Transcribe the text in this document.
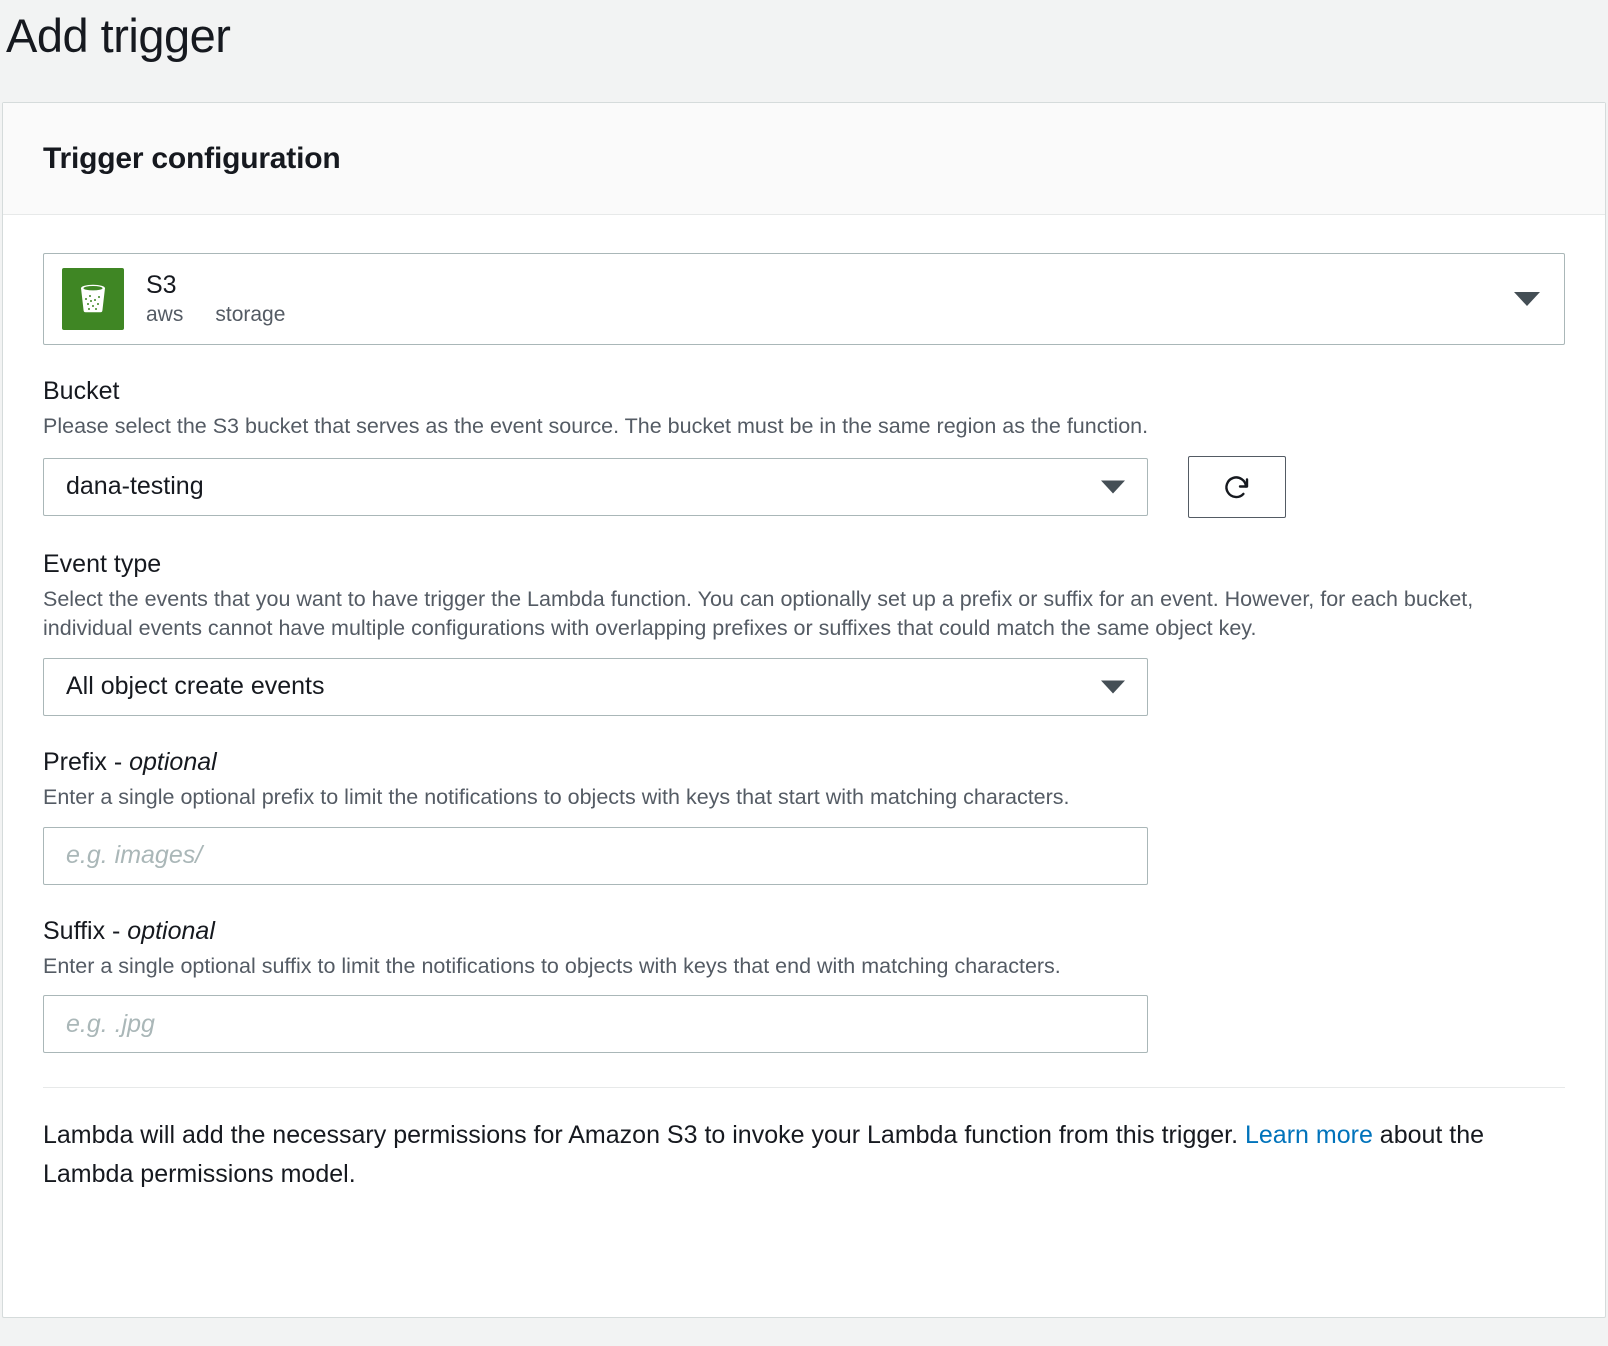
Add trigger
Trigger configuration
S3
aws storage
Bucket
Please select the S3 bucket that serves as the event source. The bucket must be in the same region as the function.
dana-testing
Event type
Select the events that you want to have trigger the Lambda function. You can optionally set up a prefix or suffix for an event. However, for each bucket, individual events cannot have multiple configurations with overlapping prefixes or suffixes that could match the same object key.
All object create events
Prefix - optional
Enter a single optional prefix to limit the notifications to objects with keys that start with matching characters.
e.g. images/
Suffix - optional
Enter a single optional suffix to limit the notifications to objects with keys that end with matching characters.
e.g. .jpg
Lambda will add the necessary permissions for Amazon S3 to invoke your Lambda function from this trigger. Learn more about the Lambda permissions model.
